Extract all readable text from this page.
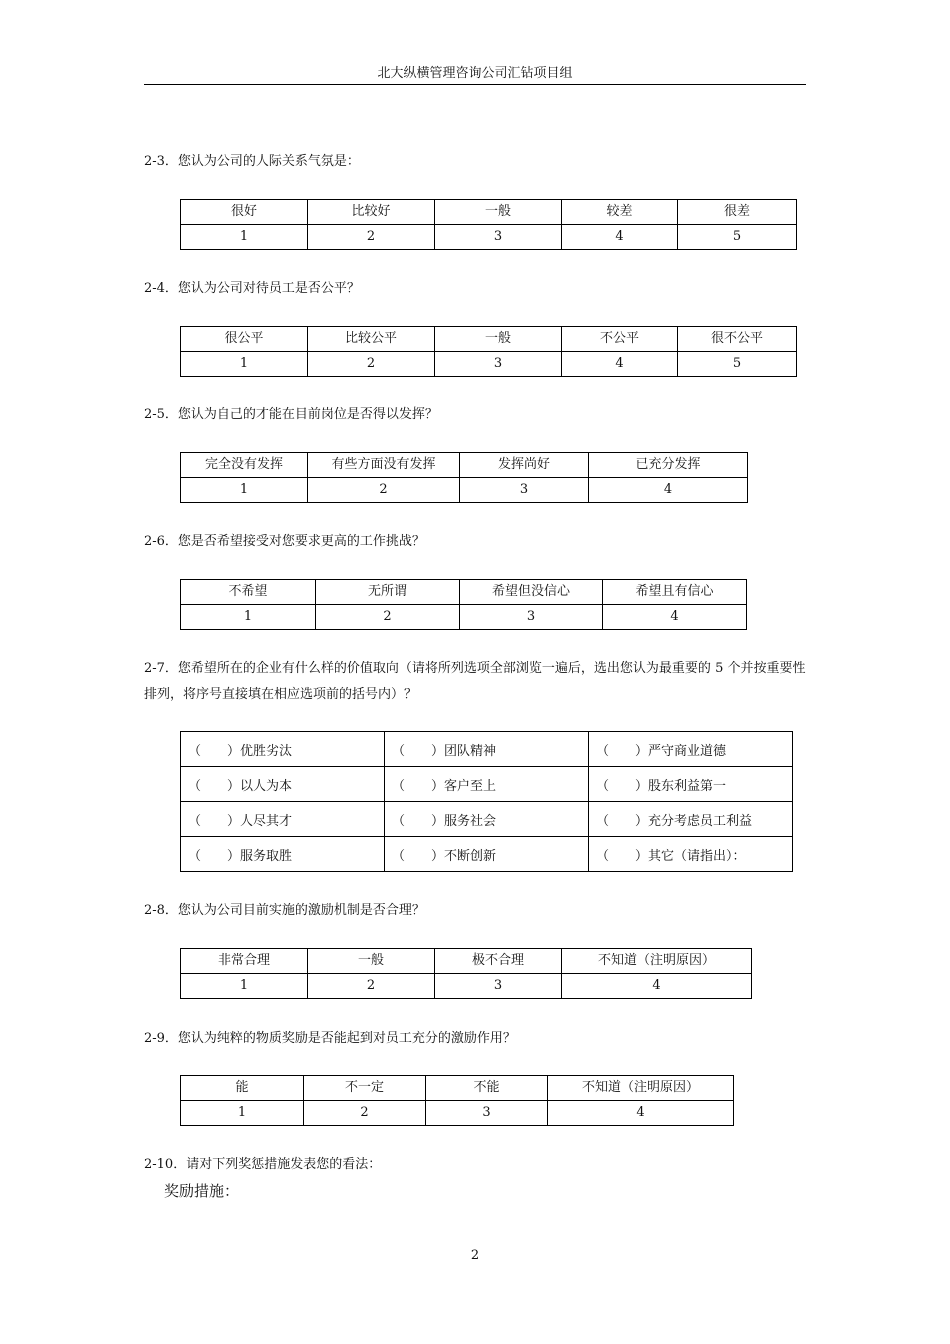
北大纵横管理咨询公司汇钻项目组
2-3．您认为公司的人际关系气氛是：
很好	比较好	一般	较差	很差
1	2	3	4	5
2-4．您认为公司对待员工是否公平？
很公平	比较公平	一般	不公平	很不公平
1	2	3	4	5
2-5．您认为自己的才能在目前岗位是否得以发挥？
完全没有发挥	有些方面没有发挥	发挥尚好	已充分发挥
1	2	3	4
2-6．您是否希望接受对您要求更高的工作挑战？
不希望	无所谓	希望但没信心	希望且有信心
1	2	3	4
2-7．您希望所在的企业有什么样的价值取向（请将所列选项全部浏览一遍后，选出您认为最重要的 5 个并按重要性排列，将序号直接填在相应选项前的括号内）？
（　　）优胜劣汰	（　　）团队精神	（　　）严守商业道德
（　　）以人为本	（　　）客户至上	（　　）股东利益第一
（　　）人尽其才	（　　）服务社会	（　　）充分考虑员工利益
（　　）服务取胜	（　　）不断创新	（　　）其它（请指出）：
2-8．您认为公司目前实施的激励机制是否合理？
非常合理	一般	极不合理	不知道（注明原因）
1	2	3	4
2-9．您认为纯粹的物质奖励是否能起到对员工充分的激励作用？
能	不一定	不能	不知道（注明原因）
1	2	3	4
2-10．请对下列奖惩措施发表您的看法：
奖励措施：
2
